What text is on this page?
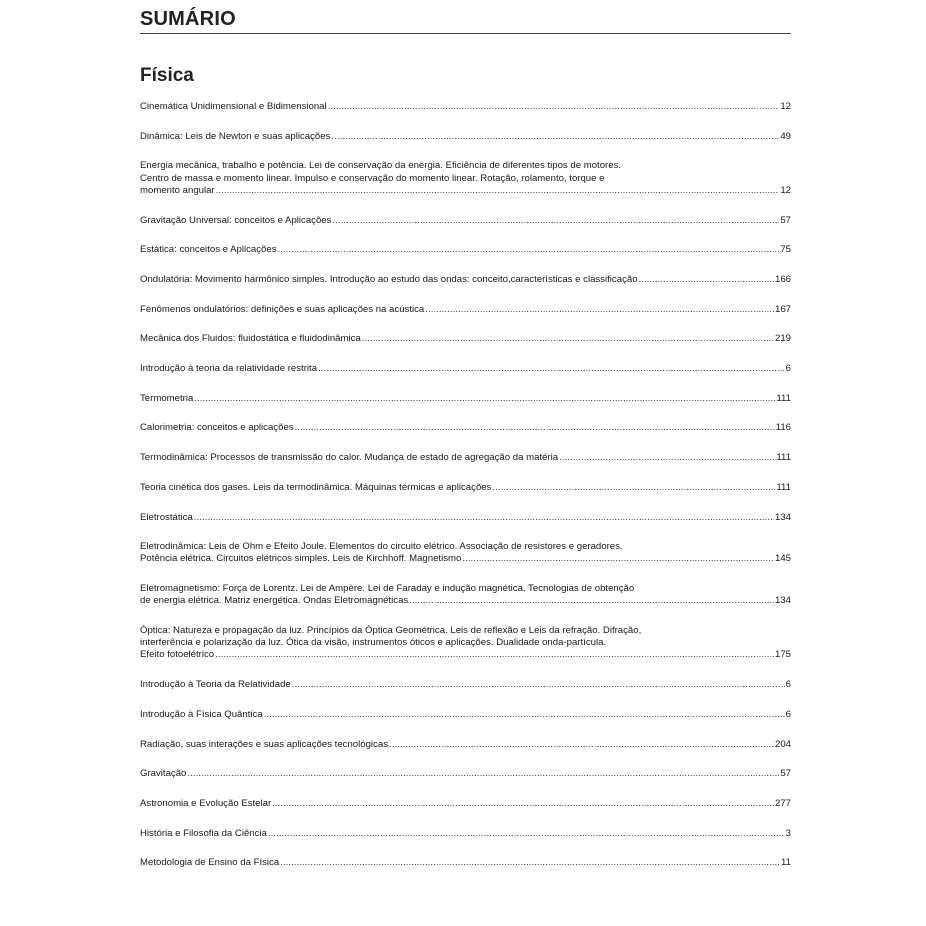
SUMÁRIO
Física
Cinemática Unidimensional e Bidimensional . . .	12
Dinâmica: Leis de Newton e suas aplicações . . .	49
Energia mecânica, trabalho e potência. Lei de conservação da energia. Eficiência de diferentes tipos de motores.
Centro de massa e momento linear. Impulso e conservação do momento linear. Rotação, rolamento, torque e
momento angular . . .	12
Gravitação Universal: conceitos e Aplicações . . .	57
Estática: conceitos e Aplicações . . .	75
Ondulatória: Movimento harmônico simples. Introdução ao estudo das ondas: conceito,características e classificação . . .	166
Fenômenos ondulatórios: definições e suas aplicações na acústica . . .	167
Mecânica dos Fluidos: fluidostática e fluidodinâmica . . .	219
Introdução à teoria da relatividade restrita . . .	6
Termometria . . .	111
Calorimetria: conceitos e aplicações . . .	116
Termodinâmica: Processos de transmissão do calor. Mudança de estado de agregação da matéria . . .	111
Teoria cinética dos gases. Leis da termodinâmica. Máquinas térmicas e aplicações . . .	111
Eletrostática . . .	134
Eletrodinâmica: Leis de Ohm e Efeito Joule. Elementos do circuito elétrico. Associação de resistores e geradores.
Potência elétrica. Circuitos elétricos simples. Leis de Kirchhoff. Magnetismo . . .	145
Eletromagnetismo: Força de Lorentz. Lei de Ampère. Lei de Faraday e indução magnética. Tecnologias de obtenção
de energia elétrica. Matriz energética. Ondas Eletromagnéticas . . .	134
Óptica: Natureza e propagação da luz. Princípios da Óptica Geométrica. Leis de reflexão e Leis da refração. Difração,
interferência e polarização da luz. Ótica da visão, instrumentos óticos e aplicações. Dualidade onda-partícula.
Efeito fotoelétrico . . .	175
Introdução à Teoria da Relatividade . . .	6
Introdução à Física Quântica . . .	6
Radiação, suas interações e suas aplicações tecnológicas . . .	204
Gravitação . . .	57
Astronomia e Evolução Estelar . . .	277
História e Filosofia da Ciência . . .	3
Metodologia de Ensino da Física . . .	11
